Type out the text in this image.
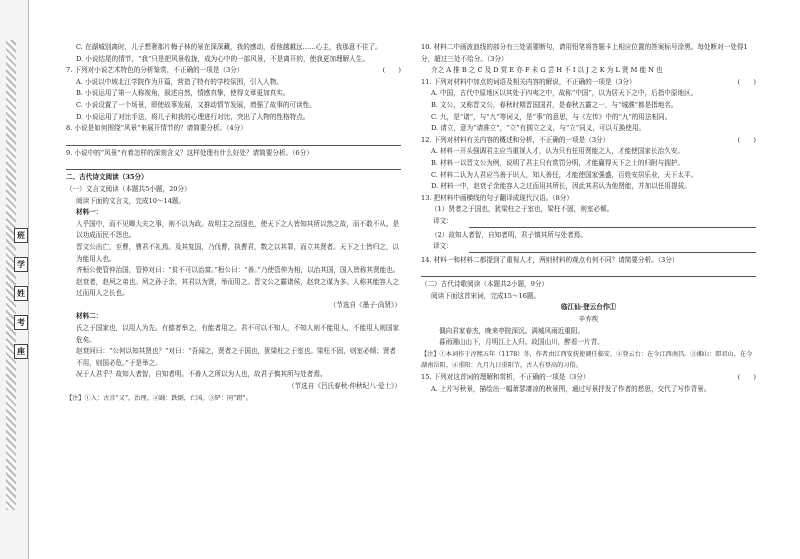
班
学
姓
考
座

C. 在湖城别离时，儿子想奢那片梅子林的景在深深藏，我的感动，看他越越远……心主，我那意不住了。

D. 小说结尾的情节，“我”只是把风景收拢，成为心中的一部风景，不是离开的，使我更加理解人生。

7. 下列对小说艺术特色的分析鉴赏，不正确的一项是（3分）	(　　)

A. 小说以中坡北江学院作为开篇，营造了特有的学校氛围，引入人物。

B. 小说运用了第一人称视角，叙述自然，情感真挚，使得文章更加真实。

C. 小说设置了一个场景，即使故事发展，又推动情节发展，增强了故事的可读性。

D. 小说运用了对比手法，将儿子和我的心理进行对比，突出了人物的性格特点。

8. 小说是如何围绕“风景”来展开情节的？请简要分析。（4分）

9. 小说中的“风景”有着怎样的深刻含义？这样处理有什么好处？请简要分析。（6分）

二、古代诗文阅读（35分）

（一）文言文阅读（本题共5小题，20分）

阅读下面的文言文，完成10～14题。

材料一：

入乎国中，而不见卿大夫之事，则不以为政。故明主之治国也，使天下之人皆知其所以然之故，而不敢不从。是以功成而民不怨也。

晋文公出亡，至曹，曹君不礼焉。及其复国，乃伐曹，执曹君，数之以其罪，而立其贤者。天下之士皆归之，以为能用人也。

齐桓公使管仲治国，管仲对曰：“贫不可以治富。”桓公曰：“善。”乃使管仲为相，以治其国，国人皆称其贤能也。

赵衰者，赵夙之弟也。夙之孙子余，其君以为贤，举而用之。晋文公之霸诸侯，赵衰之谋为多。人称其能容人之过而用人之长也。

（节选自《墨子·尚贤》）

材料二：

氏之于国家也，以用人为先。有德者举之，有能者用之。君不可以不知人，不知人则不能用人，不能用人则国家危矣。

赵衰问曰：“公何以知其贤也？”对曰：“吾闻之，贤者之于国也，犹梁柱之于室也。梁柱不固，则室必倾；贤者不用，则国必危。”于是举之。

况于人君乎？故知人者智，自知者明。不善人之所以为人也，故君子慎其所与处者焉。

（节选自《吕氏春秋·仲秋纪八·爱士》）

【注】①入：古音“又”，治理。②踊：跌倒，亡国。③铲：同“蹬”。

10. 材料二中画波浪线的部分有三处需要断句，请用铅笔将答题卡上相应位置的答案标号涂黑。每处断对一处得1分，超过三处不给分。（3分）

介之 A 推 B 之 C 及 D 赏 E 亦 F 未 G 尝 H 不 I 以 J 之 K 为 L 贤 M 能 N 也

11. 下列对材料中加点的词语及相关内容的解说，不正确的一项是（3分）	(　　)

A. 中国，古代中原地区以其处于四夷之中，故称“中国”，以为居天下之中，后指中原地区。

B. 文公，又称晋文公，春秋时期晋国国君，是春秋五霸之一，与“城濮”都是指地名。

C. 九，是“诸”，与“九”等词义，是“事”的意思，与《左传》中的“九”的用法相同。

D. 请立，意为“请准立”，“立”有拥立之义，与“立”同义，可以互换使用。

12. 下列对材料有关内容的概述和分析，不正确的一项是（3分）	(　　)

A. 材料一开头强调君主应当重视人才，认为只有任用贤能之人，才能使国家长治久安。

B. 材料一以晋文公为例，说明了君主只有赏罚分明，才能赢得天下之士的归附与拥护。

C. 材料二认为人君应当善于识人，知人善任，才能使国家强盛，百姓安居乐业，天下太平。

D. 材料一中，赵衰子余能容人之过而用其所长，因此其君认为他贤能，并加以任用提拔。

13. 把材料中画横线的句子翻译成现代汉语。（8分）

（1）贤者之于国也，犹梁柱之于室也，梁柱不固，则室必倾。

译文：

（2）故知人者智，自知者明，君子慎其所与处者焉。

译文：

14. 材料一和材料二都提到了重视人才，两则材料的观点有何不同？请简要分析。（3分）

（二）古代诗歌阅读（本题共2小题，9分）

阅读下面这首宋词，完成15～16题。

临江仙·登云台作①

辛弃疾

偶向君家春杰，晚来亭院深沉。满城风雨近重阳。

暮雨湘山山下，月明江上人归。故国山川，醉看一片青。

【注】①本词作于淳熙五年（1178）冬，作者由江西安抚使调任临安。②登云台：在今江西南昌。③湘山：即君山，在今湖南岳阳。④重阳：九月九日重阳节，古人有登高的习俗。

15. 下列对这首词的理解和赏析，不正确的一项是（3分）	(　　)

A. 上片写秋景，描绘出一幅萧瑟凄凉的秋景图，通过写景抒发了作者的愁思，交代了写作背景。
